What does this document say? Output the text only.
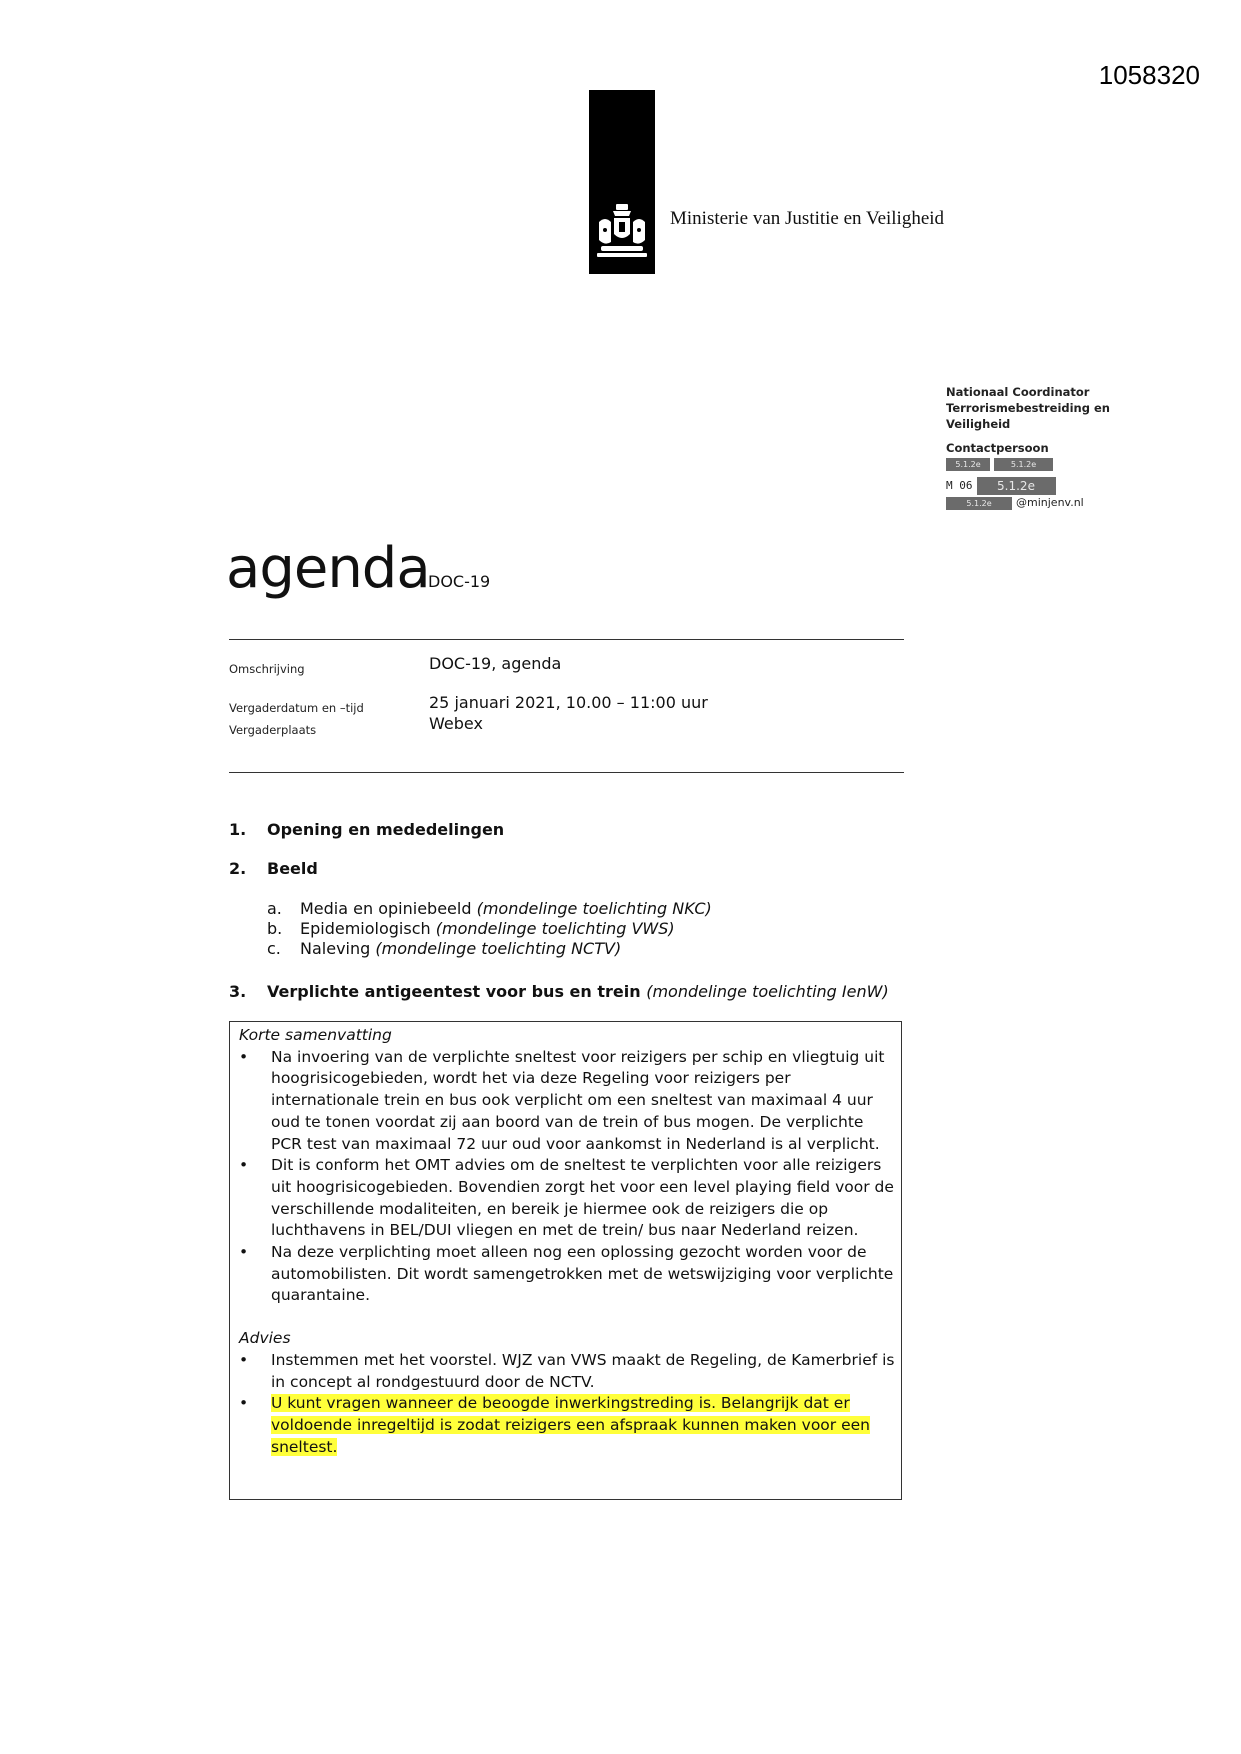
1058320
Ministerie van Justitie en Veiligheid
Nationaal Coordinator
Terrorismebestreiding en
Veiligheid
Contactpersoon
5.1.2e	5.1.2e
M 06	5.1.2e
5.1.2e	@minjenv.nl
agenda
DOC-19
Omschrijving	DOC-19, agenda
Vergaderdatum en –tijd	25 januari 2021, 10.00 – 11:00 uur
Vergaderplaats	Webex
1. Opening en mededelingen
2. Beeld
a. Media en opiniebeeld (mondelinge toelichting NKC)
b. Epidemiologisch (mondelinge toelichting VWS)
c. Naleving (mondelinge toelichting NCTV)
3. Verplichte antigeentest voor bus en trein (mondelinge toelichting IenW)
Korte samenvatting
•	Na invoering van de verplichte sneltest voor reizigers per schip en vliegtuig uit hoogrisicogebieden, wordt het via deze Regeling voor reizigers per internationale trein en bus ook verplicht om een sneltest van maximaal 4 uur oud te tonen voordat zij aan boord van de trein of bus mogen. De verplichte PCR test van maximaal 72 uur oud voor aankomst in Nederland is al verplicht.
•	Dit is conform het OMT advies om de sneltest te verplichten voor alle reizigers uit hoogrisicogebieden. Bovendien zorgt het voor een level playing field voor de verschillende modaliteiten, en bereik je hiermee ook de reizigers die op luchthavens in BEL/DUI vliegen en met de trein/ bus naar Nederland reizen.
•	Na deze verplichting moet alleen nog een oplossing gezocht worden voor de automobilisten. Dit wordt samengetrokken met de wetswijziging voor verplichte quarantaine.
Advies
•	Instemmen met het voorstel. WJZ van VWS maakt de Regeling, de Kamerbrief is in concept al rondgestuurd door de NCTV.
•	U kunt vragen wanneer de beoogde inwerkingstreding is. Belangrijk dat er voldoende inregeltijd is zodat reizigers een afspraak kunnen maken voor een sneltest.
